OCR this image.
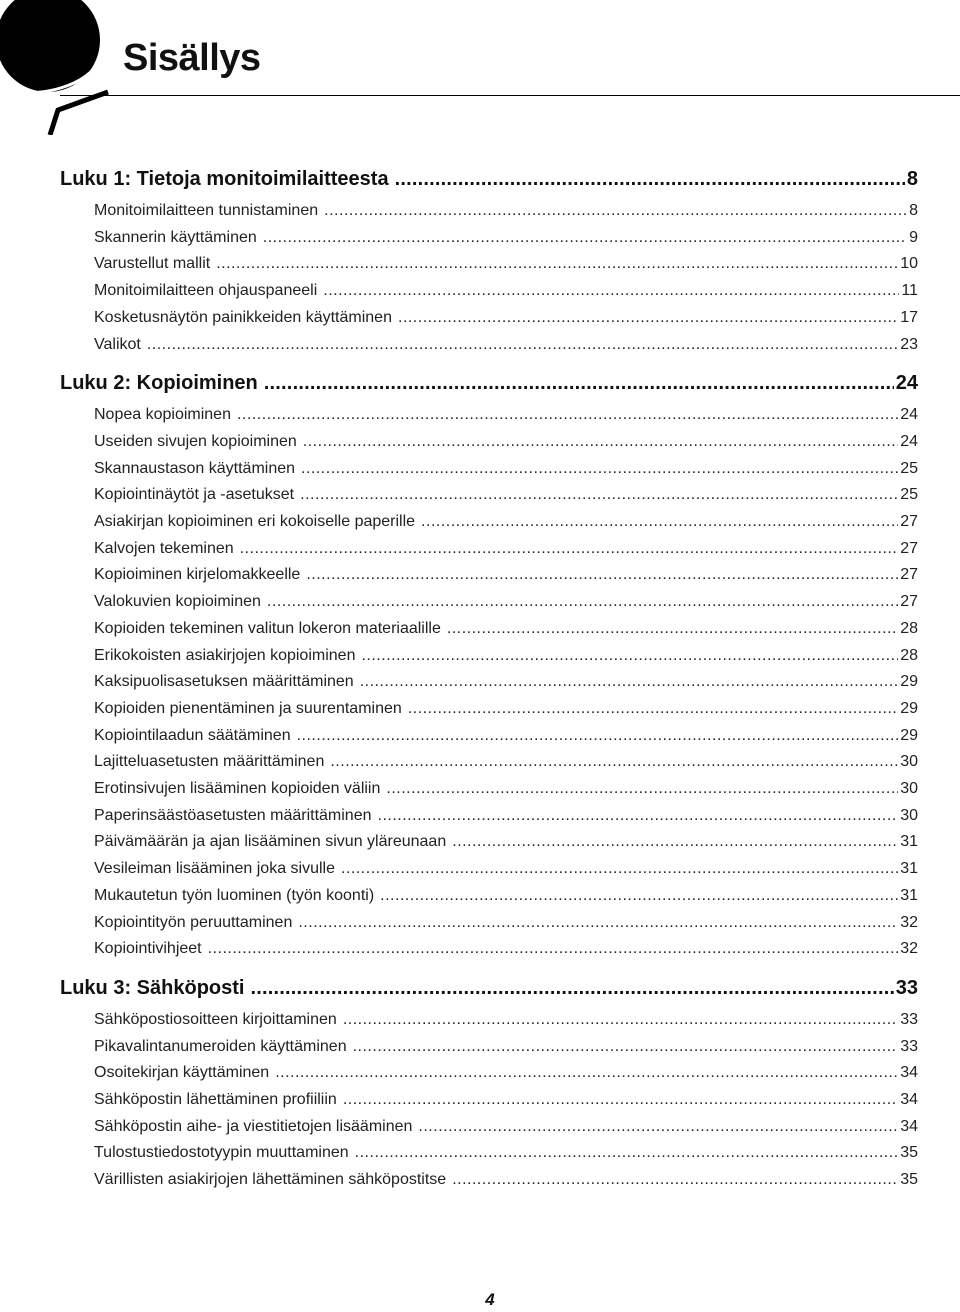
Sisällys
Luku 1: Tietoja monitoimilaitteesta .....	8
Monitoimilaitteen tunnistaminen .....	8
Skannerin käyttäminen .....	9
Varustellut mallit .....	10
Monitoimilaitteen ohjauspaneeli .....	11
Kosketusnäytön painikkeiden käyttäminen .....	17
Valikot .....	23
Luku 2: Kopioiminen .....	24
Nopea kopioiminen .....	24
Useiden sivujen kopioiminen .....	24
Skannaustason käyttäminen .....	25
Kopiointinäytöt ja -asetukset .....	25
Asiakirjan kopioiminen eri kokoiselle paperille .....	27
Kalvojen tekeminen .....	27
Kopioiminen kirjelomakkeelle .....	27
Valokuvien kopioiminen .....	27
Kopioiden tekeminen valitun lokeron materiaalille .....	28
Erikokoisten asiakirjojen kopioiminen .....	28
Kaksipuolisasetuksen määrittäminen .....	29
Kopioiden pienentäminen ja suurentaminen .....	29
Kopiointilaadun säätäminen .....	29
Lajitteluasetusten määrittäminen .....	30
Erotinsivujen lisääminen kopioiden väliin .....	30
Paperinsäästöasetusten määrittäminen .....	30
Päivämäärän ja ajan lisääminen sivun yläreunaan .....	31
Vesileiman lisääminen joka sivulle .....	31
Mukautetun työn luominen (työn koonti) .....	31
Kopiointityön peruuttaminen .....	32
Kopiointivihjeet .....	32
Luku 3: Sähköposti .....	33
Sähköpostiosoitteen kirjoittaminen .....	33
Pikavalintanumeroiden käyttäminen .....	33
Osoitekirjan käyttäminen .....	34
Sähköpostin lähettäminen profiiliin .....	34
Sähköpostin aihe- ja viestitietojen lisääminen .....	34
Tulostustiedostotyypin muuttaminen .....	35
Värillisten asiakirjojen lähettäminen sähköpostitse .....	35
4
